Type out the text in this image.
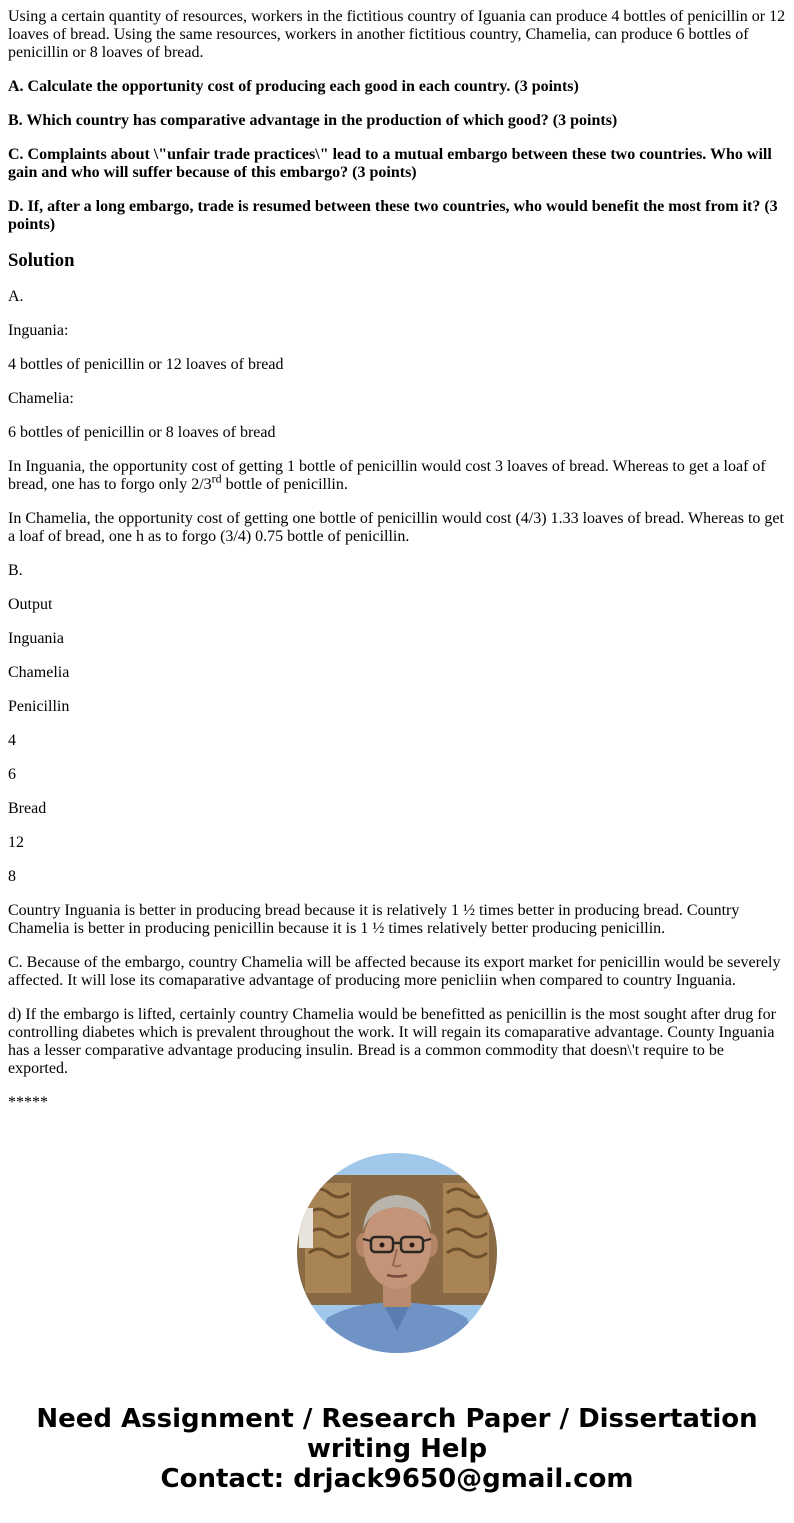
Using a certain quantity of resources, workers in the fictitious country of Iguania can produce 4 bottles of penicillin or 12 loaves of bread. Using the same resources, workers in another fictitious country, Chamelia, can produce 6 bottles of penicillin or 8 loaves of bread.

A. Calculate the opportunity cost of producing each good in each country. (3 points)

B. Which country has comparative advantage in the production of which good? (3 points)

C. Complaints about \"unfair trade practices\" lead to a mutual embargo between these two countries. Who will gain and who will suffer because of this embargo? (3 points)

D. If, after a long embargo, trade is resumed between these two countries, who would benefit the most from it? (3 points)

Solution

A.

Inguania:

4 bottles of penicillin or 12 loaves of bread

Chamelia:

6 bottles of penicillin or 8 loaves of bread

In Inguania, the opportunity cost of getting 1 bottle of penicillin would cost 3 loaves of bread. Whereas to get a loaf of bread, one has to forgo only 2/3rd bottle of penicillin.

In Chamelia, the opportunity cost of getting one bottle of penicillin would cost (4/3) 1.33 loaves of bread. Whereas to get a loaf of bread, one h as to forgo (3/4) 0.75 bottle of penicillin.

B.

Output

Inguania

Chamelia

Penicillin

4

6

Bread

12

8

Country Inguania is better in producing bread because it is relatively 1 ½ times better in producing bread. Country Chamelia is better in producing penicillin because it is 1 ½ times relatively better producing penicillin.

C. Because of the embargo, country Chamelia will be affected because its export market for penicillin would be severely affected. It will lose its comaparative advantage of producing more penicliin when compared to country Inguania.

d) If the embargo is lifted, certainly country Chamelia would be benefitted as penicillin is the most sought after drug for controlling diabetes which is prevalent throughout the work. It will regain its comaparative advantage. County Inguania has a lesser comparative advantage producing insulin. Bread is a common commodity that doesn\'t require to be exported.

*****

Need Assignment / Research Paper / Dissertation
writing Help
Contact: drjack9650@gmail.com
